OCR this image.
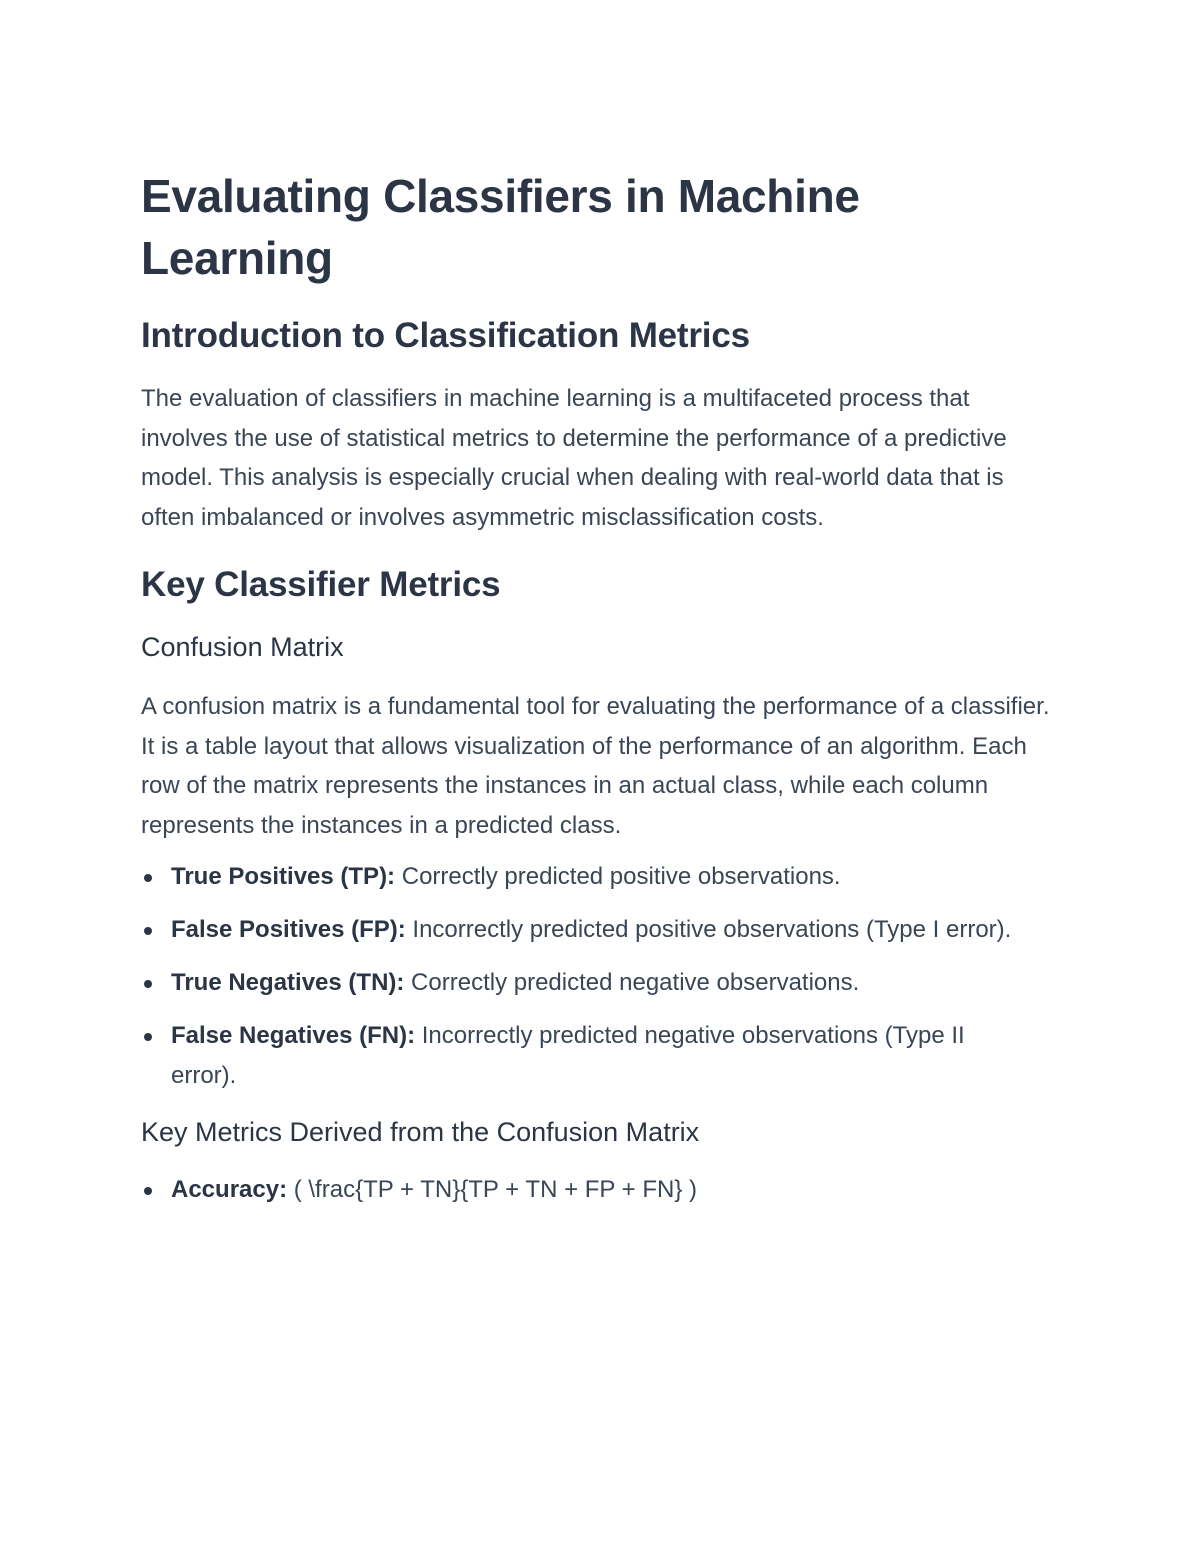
Evaluating Classifiers in Machine Learning
Introduction to Classification Metrics

The evaluation of classifiers in machine learning is a multifaceted process that involves the use of statistical metrics to determine the performance of a predictive model. This analysis is especially crucial when dealing with real-world data that is often imbalanced or involves asymmetric misclassification costs.

Key Classifier Metrics
Confusion Matrix

A confusion matrix is a fundamental tool for evaluating the performance of a classifier. It is a table layout that allows visualization of the performance of an algorithm. Each row of the matrix represents the instances in an actual class, while each column represents the instances in a predicted class.

True Positives (TP): Correctly predicted positive observations.
False Positives (FP): Incorrectly predicted positive observations (Type I error).
True Negatives (TN): Correctly predicted negative observations.
False Negatives (FN): Incorrectly predicted negative observations (Type II error).
Key Metrics Derived from the Confusion Matrix
Accuracy: ( \frac{TP + TN}{TP + TN + FP + FN} )
